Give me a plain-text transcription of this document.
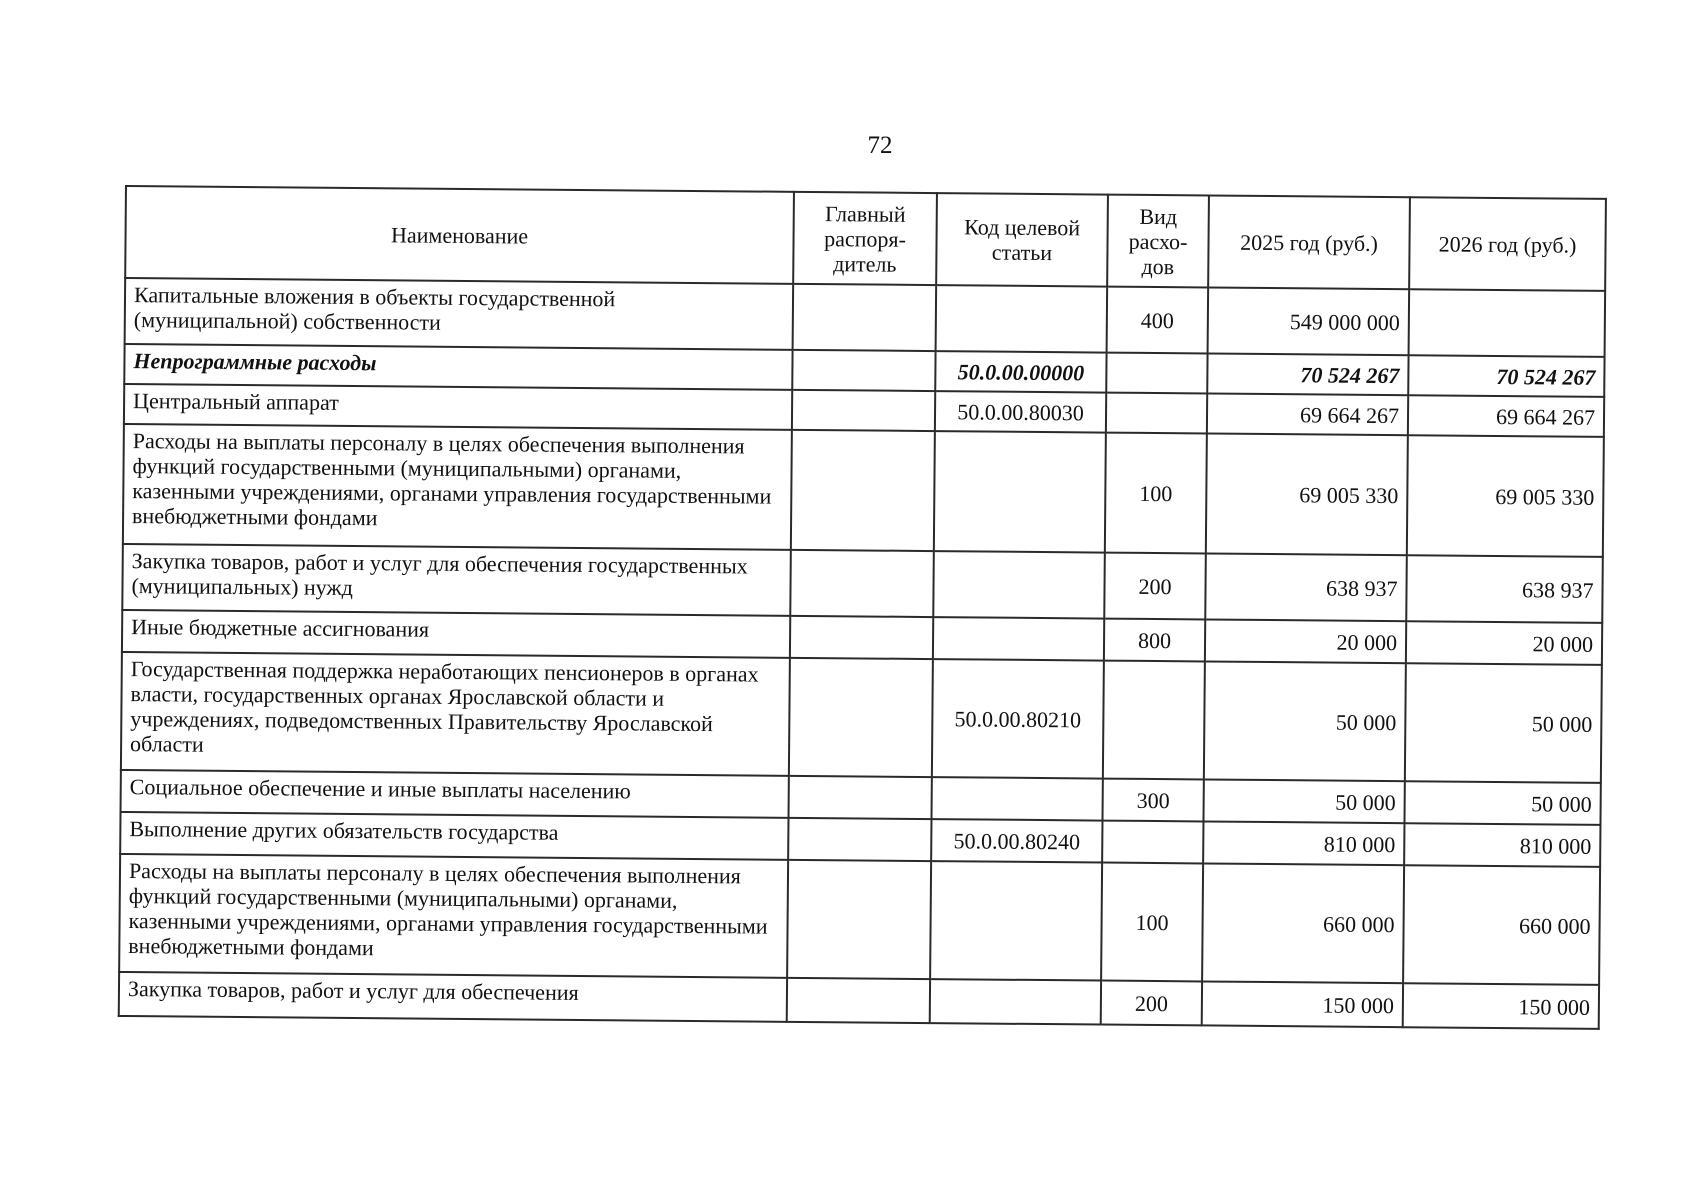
72
Наименование	Главный распоря-дитель	Код целевой статьи	Вид расхо-дов	2025 год (руб.)	2026 год (руб.)
Капитальные вложения в объекты государственной (муниципальной) собственности			400	549 000 000	
Непрограммные расходы		50.0.00.00000		70 524 267	70 524 267
Центральный аппарат		50.0.00.80030		69 664 267	69 664 267
Расходы на выплаты персоналу в целях обеспечения выполнения функций государственными (муниципальными) органами, казенными учреждениями, органами управления государственными внебюджетными фондами			100	69 005 330	69 005 330
Закупка товаров, работ и услуг для обеспечения государственных (муниципальных) нужд			200	638 937	638 937
Иные бюджетные ассигнования			800	20 000	20 000
Государственная поддержка неработающих пенсионеров в органах власти, государственных органах Ярославской области и учреждениях, подведомственных Правительству Ярославской области		50.0.00.80210		50 000	50 000
Социальное обеспечение и иные выплаты населению			300	50 000	50 000
Выполнение других обязательств государства		50.0.00.80240		810 000	810 000
Расходы на выплаты персоналу в целях обеспечения выполнения функций государственными (муниципальными) органами, казенными учреждениями, органами управления государственными внебюджетными фондами			100	660 000	660 000
Закупка товаров, работ и услуг для обеспечения			200	150 000	150 000
